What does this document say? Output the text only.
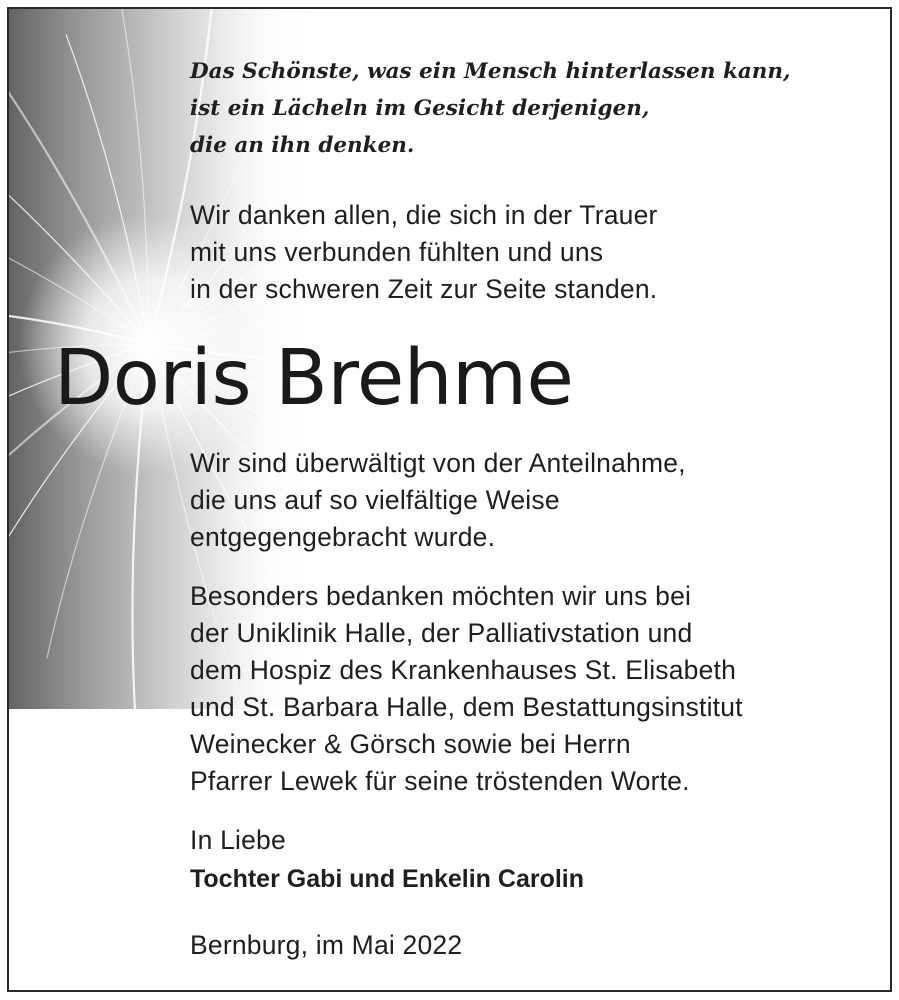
Das Schönste, was ein Mensch hinterlassen kann,
ist ein Lächeln im Gesicht derjenigen,
die an ihn denken.

Wir danken allen, die sich in der Trauer
mit uns verbunden fühlten und uns
in der schweren Zeit zur Seite standen.

Doris Brehme

Wir sind überwältigt von der Anteilnahme,
die uns auf so vielfältige Weise
entgegengebracht wurde.

Besonders bedanken möchten wir uns bei
der Uniklinik Halle, der Palliativstation und
dem Hospiz des Krankenhauses St. Elisabeth
und St. Barbara Halle, dem Bestattungsinstitut
Weinecker & Görsch sowie bei Herrn
Pfarrer Lewek für seine tröstenden Worte.

In Liebe

Tochter Gabi und Enkelin Carolin

Bernburg, im Mai 2022
